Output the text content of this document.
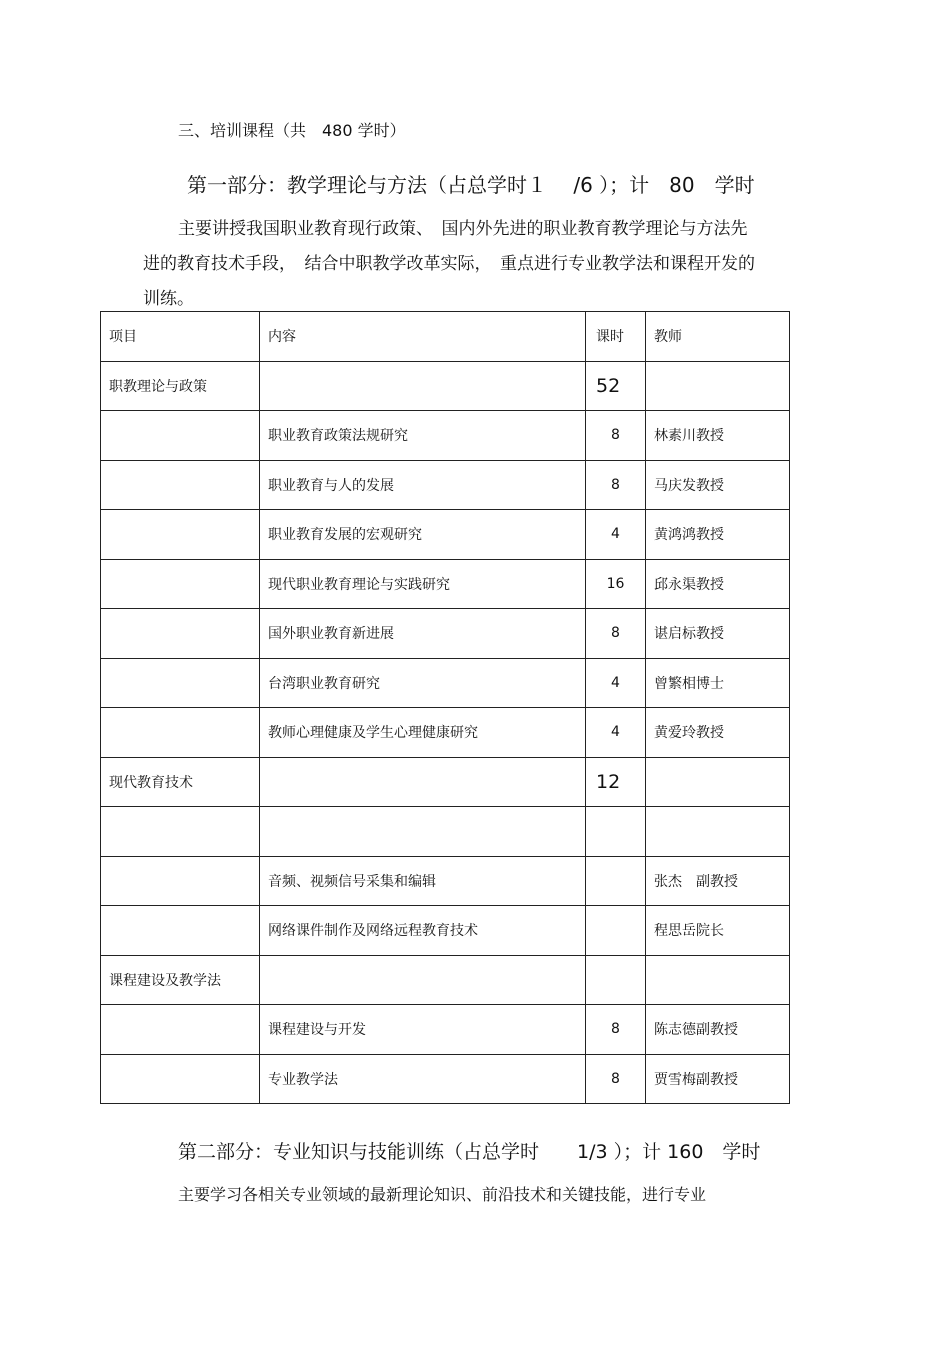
三、培训课程（共　480 学时）
第一部分：教学理论与方法（占总学时１　 /6 ）；计　80　学时
主要讲授我国职业教育现行政策、　国内外先进的职业教育教学理论与方法先
进的教育技术手段，　结合中职教学改革实际，　重点进行专业教学法和课程开发的
训练。
项目	内容	课时	教师
职教理论与政策		52	
	职业教育政策法规研究	8	林素川教授
	职业教育与人的发展	8	马庆发教授
	职业教育发展的宏观研究	4	黄鸿鸿教授
	现代职业教育理论与实践研究	16	邱永渠教授
	国外职业教育新进展	8	谌启标教授
	台湾职业教育研究	4	曾繁相博士
	教师心理健康及学生心理健康研究	4	黄爱玲教授
现代教育技术		12	

	音频、视频信号采集和编辑		张杰　副教授
	网络课件制作及网络远程教育技术		程思岳院长
课程建设及教学法			
	课程建设与开发	8	陈志德副教授
	专业教学法	8	贾雪梅副教授
第二部分：专业知识与技能训练（占总学时　　1/3 ）；计 160　学时
主要学习各相关专业领域的最新理论知识、前沿技术和关键技能，进行专业
